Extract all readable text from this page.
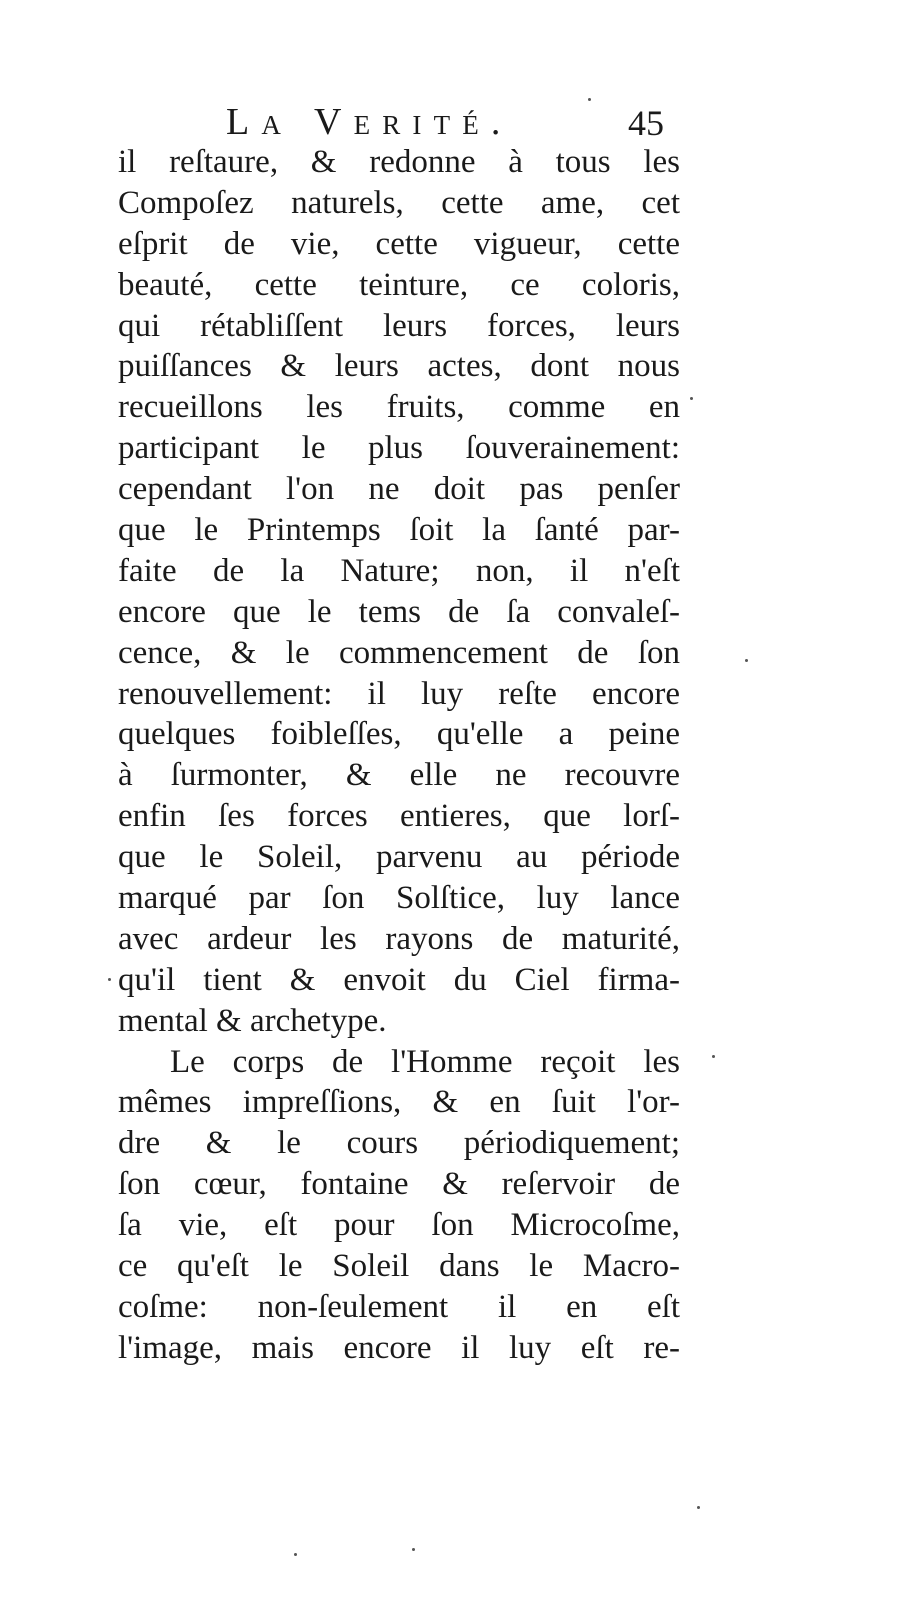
La Verité.	45
il reſtaure, & redonne à tous les
Compoſez naturels, cette ame, cet
eſprit de vie, cette vigueur, cette
beauté, cette teinture, ce coloris,
qui rétabliſſent leurs forces, leurs
puiſſances & leurs actes, dont nous
recueillons les fruits, comme en
participant le plus ſouverainement:
cependant l'on ne doit pas penſer
que le Printemps ſoit la ſanté par-
faite de la Nature; non, il n'eſt
encore que le tems de ſa convaleſ-
cence, & le commencement de ſon
renouvellement: il luy reſte encore
quelques foibleſſes, qu'elle a peine
à ſurmonter, & elle ne recouvre
enfin ſes forces entieres, que lorſ-
que le Soleil, parvenu au période
marqué par ſon Solſtice, luy lance
avec ardeur les rayons de maturité,
qu'il tient & envoit du Ciel firma-
mental & archetype.
Le corps de l'Homme reçoit les
mêmes impreſſions, & en ſuit l'or-
dre & le cours périodiquement;
ſon cœur, fontaine & reſervoir de
ſa vie, eſt pour ſon Microcoſme,
ce qu'eſt le Soleil dans le Macro-
coſme: non-ſeulement il en eſt
l'image, mais encore il luy eſt re-
